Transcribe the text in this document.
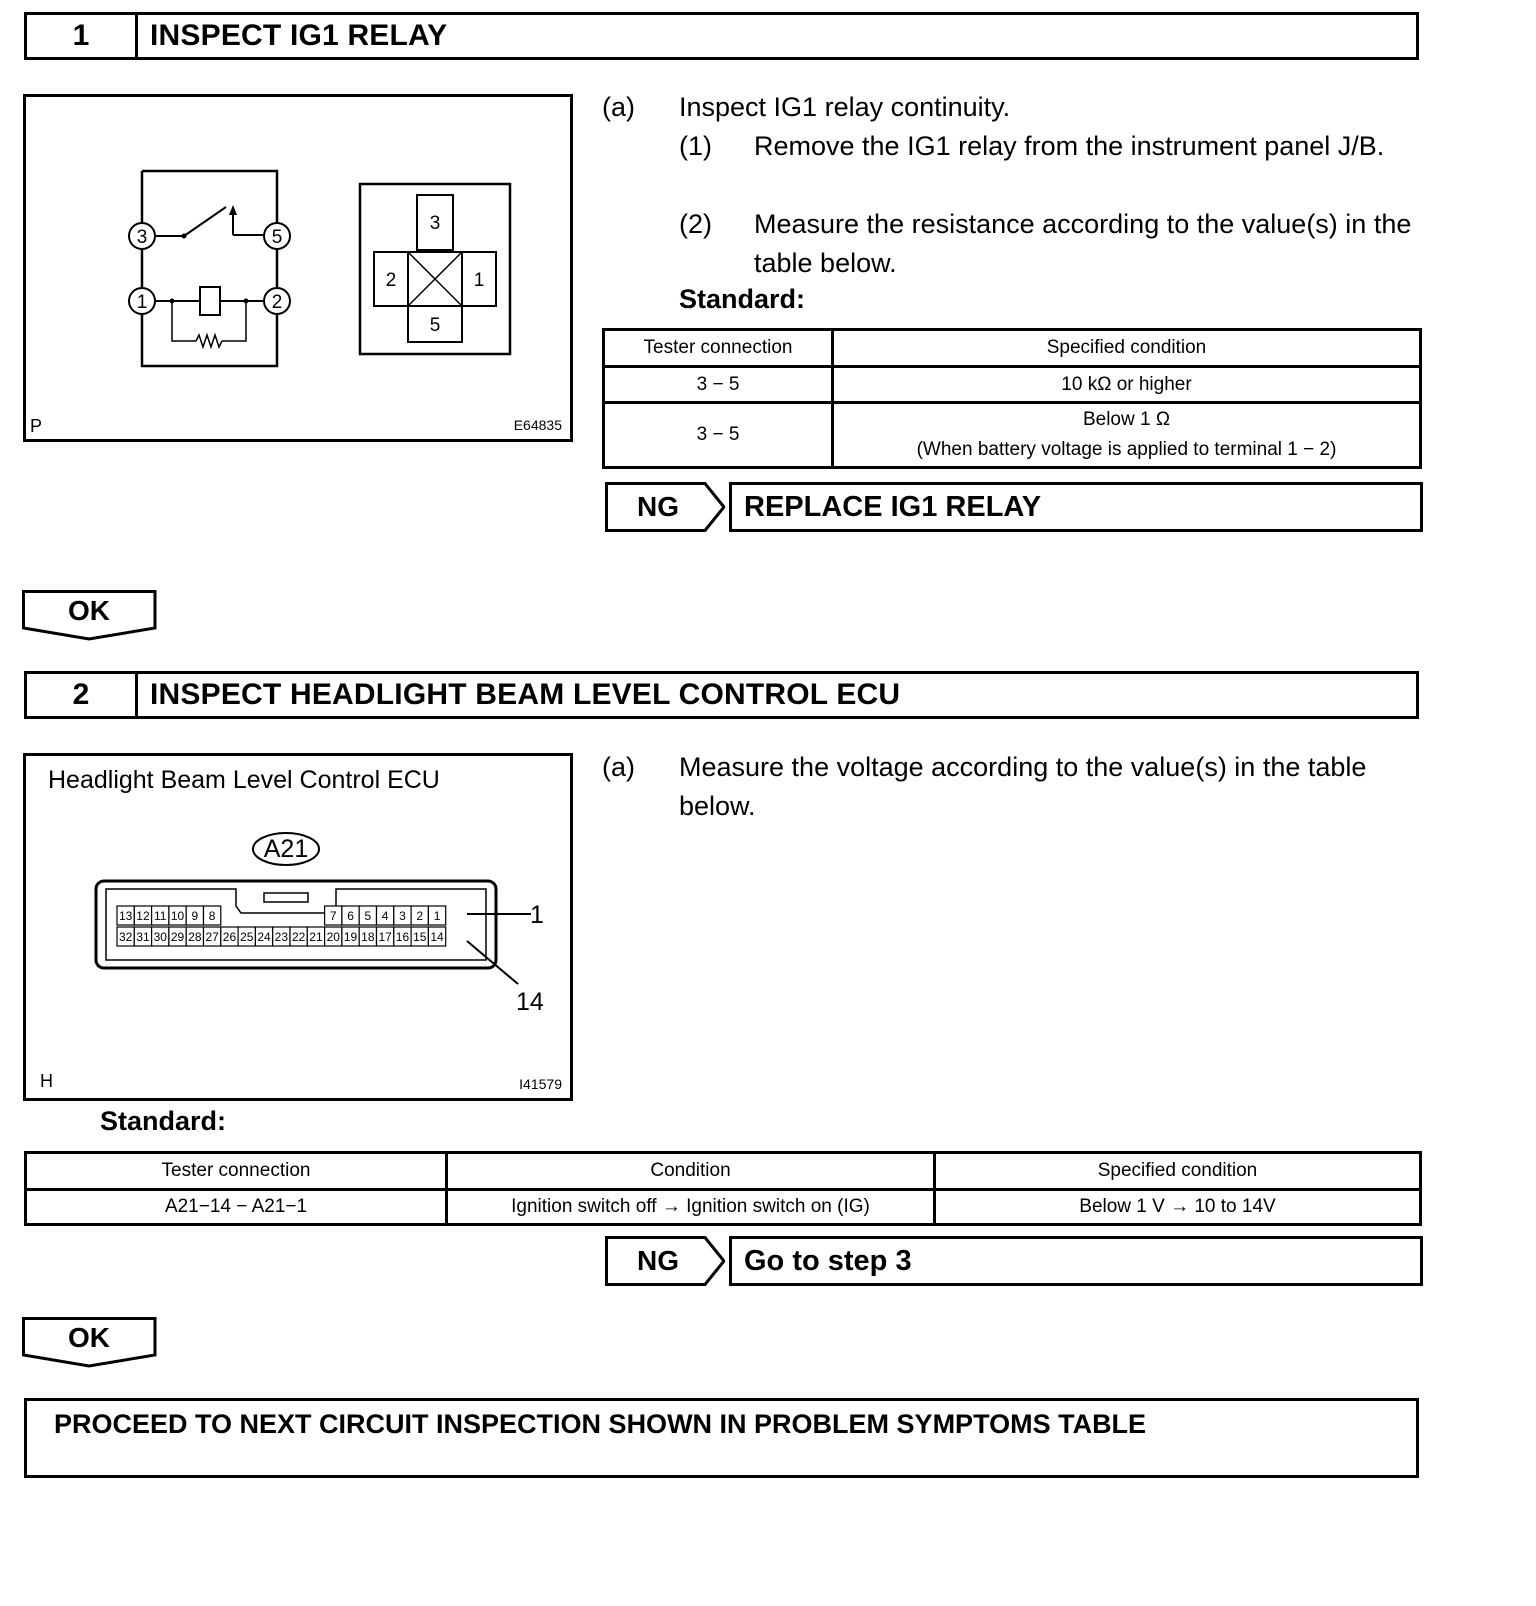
1	INSPECT IG1 RELAY
3	5
1	2
3
2	1
5
P	E64835
(a) Inspect IG1 relay continuity.
(1) Remove the IG1 relay from the instrument panel J/B.
(2) Measure the resistance according to the value(s) in the table below.
Standard:
Tester connection	Specified condition
3 − 5	10 kΩ or higher
3 − 5	Below 1 Ω
(When battery voltage is applied to terminal 1 − 2)
NG	REPLACE IG1 RELAY
OK
2	INSPECT HEADLIGHT BEAM LEVEL CONTROL ECU
Headlight Beam Level Control ECU
A21
32 31 30 29 28 27 26 25 24 23 22 21 20 19 18 17 16 15 14
13 12 11 10 9 8	7 6 5 4 3 2 1	1
14
H	I41579
(a) Measure the voltage according to the value(s) in the table below.
Standard:
Tester connection	Condition	Specified condition
A21−14 − A21−1	Ignition switch off → Ignition switch on (IG)	Below 1 V → 10 to 14V
NG	Go to step 3
OK
PROCEED TO NEXT CIRCUIT INSPECTION SHOWN IN PROBLEM SYMPTOMS TABLE
